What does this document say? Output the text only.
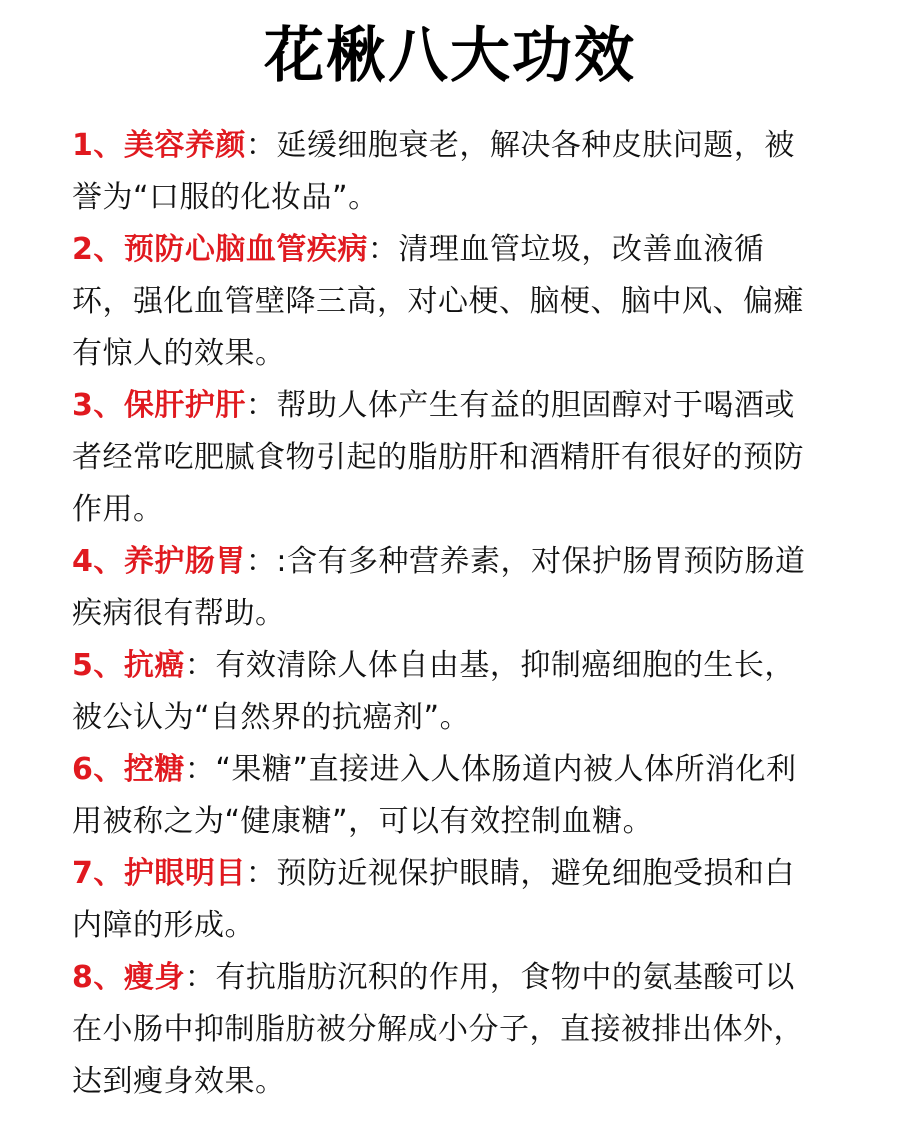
花楸八大功效

1、美容养颜：延缓细胞衰老，解决各种皮肤问题，被誉为“口服的化妆品”。

2、预防心脑血管疾病：清理血管垃圾，改善血液循环，强化血管壁降三高，对心梗、脑梗、脑中风、偏瘫有惊人的效果。

3、保肝护肝：帮助人体产生有益的胆固醇对于喝酒或者经常吃肥腻食物引起的脂肪肝和酒精肝有很好的预防作用。

4、养护肠胃：:含有多种营养素，对保护肠胃预防肠道疾病很有帮助。

5、抗癌：有效清除人体自由基，抑制癌细胞的生长，被公认为“自然界的抗癌剂”。

6、控糖：“果糖”直接进入人体肠道内被人体所消化利用被称之为“健康糖”，可以有效控制血糖。

7、护眼明目：预防近视保护眼睛，避免细胞受损和白内障的形成。

8、瘦身：有抗脂肪沉积的作用，食物中的氨基酸可以在小肠中抑制脂肪被分解成小分子，直接被排出体外，达到瘦身效果。
